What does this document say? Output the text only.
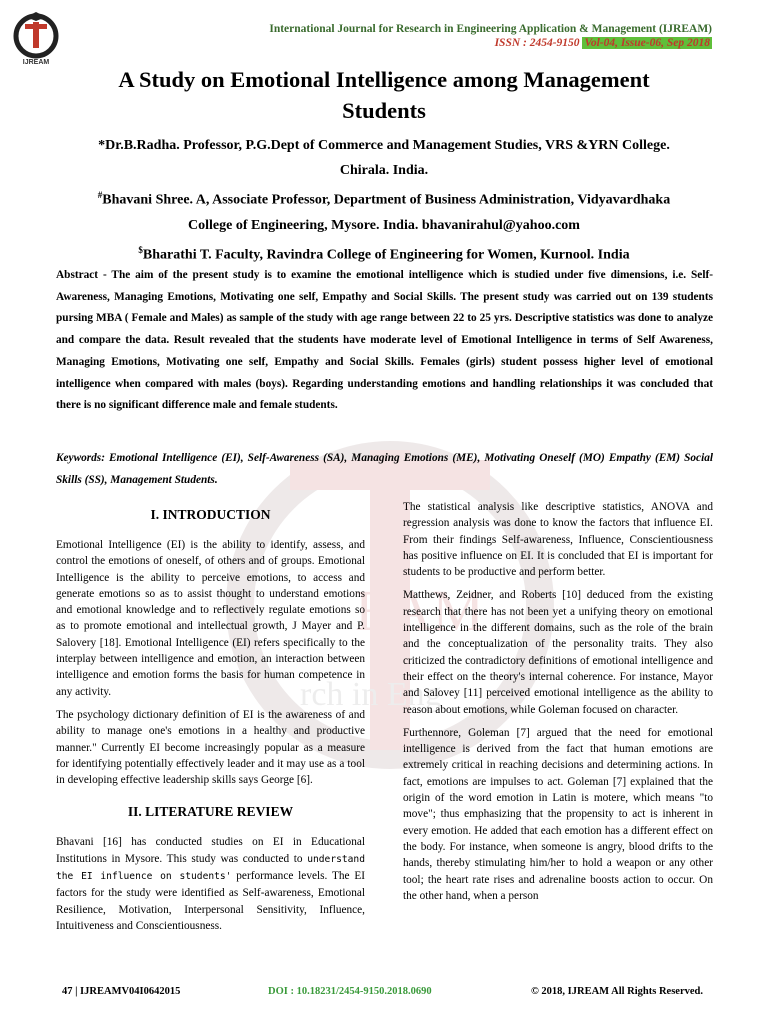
rch in Eng
EAM
IJREAM
International Journal for Research in Engineering Application & Management (IJREAM)
ISSN : 2454-9150 Vol-04, Issue-06, Sep 2018
A Study on Emotional Intelligence among Management
Students

*Dr.B.Radha. Professor, P.G.Dept of Commerce and Management Studies, VRS &YRN College.

Chirala. India.

#Bhavani Shree. A, Associate Professor, Department of Business Administration, Vidyavardhaka

College of Engineering, Mysore. India. bhavanirahul@yahoo.com

$Bharathi T. Faculty, Ravindra College of Engineering for Women, Kurnool. India

Abstract - The aim of the present study is to examine the emotional intelligence which is studied under five dimensions, i.e. Self-Awareness, Managing Emotions, Motivating one self, Empathy and Social Skills. The present study was carried out on 139 students pursing MBA ( Female and Males) as sample of the study with age range between 22 to 25 yrs. Descriptive statistics was done to analyze and compare the data. Result revealed that the students have moderate level of Emotional Intelligence in terms of Self Awareness, Managing Emotions, Motivating one self, Empathy and Social Skills. Females (girls) student possess higher level of emotional intelligence when compared with males (boys). Regarding understanding emotions and handling relationships it was concluded that there is no significant difference male and female students.

Keywords: Emotional Intelligence (EI), Self-Awareness (SA), Managing Emotions (ME), Motivating Oneself (MO) Empathy (EM) Social Skills (SS), Management Students.

I. INTRODUCTION

Emotional Intelligence (EI) is the ability to identify, assess, and control the emotions of oneself, of others and of groups. Emotional Intelligence is the ability to perceive emotions, to access and generate emotions so as to assist thought to understand emotions and emotional knowledge and to reflectively regulate emotions so as to promote emotional and intellectual growth, J Mayer and P. Salovery [18]. Emotional Intelligence (EI) refers specifically to the interplay between intelligence and emotion, an interaction between intelligence and emotion forms the basis for human competence in any activity.

The psychology dictionary definition of EI is the awareness of and ability to manage one's emotions in a healthy and productive manner." Currently EI become increasingly popular as a measure for identifying potentially effectively leader and it may use as a tool in developing effective leadership skills says George [6].

II. LITERATURE REVIEW

Bhavani [16] has conducted studies on EI in Educational Institutions in Mysore. This study was conducted to understand the EI influence on students' performance levels. The EI factors for the study were identified as Self-awareness, Emotional Resilience, Motivation, Interpersonal Sensitivity, Influence, Intuitiveness and Conscientiousness.

The statistical analysis like descriptive statistics, ANOVA and regression analysis was done to know the factors that influence EI. From their findings Self-awareness, Influence, Conscientiousness has positive influence on EI. It is concluded that EI is important for students to be productive and perform better.

Matthews, Zeidner, and Roberts [10] deduced from the existing research that there has not been yet a unifying theory on emotional intelligence in the different domains, such as the role of the brain and the conceptualization of the personality traits. They also criticized the contradictory definitions of emotional intelligence and their effect on the theory's internal coherence. For instance, Mayor and Salovey [11] perceived emotional intelligence as the ability to reason about emotions, while Goleman focused on character.

Furthennore, Goleman [7] argued that the need for emotional intelligence is derived from the fact that human emotions are extremely critical in reaching decisions and determining actions. In fact, emotions are impulses to act. Goleman [7] explained that the origin of the word emotion in Latin is motere, which means "to move"; thus emphasizing that the propensity to act is inherent in every emotion. He added that each emotion has a different effect on the body. For instance, when someone is angry, blood drifts to the hands, thereby stimulating him/her to hold a weapon or any other tool; the heart rate rises and adrenaline boosts action to occur. On the other hand, when a person

47 | IJREAMV04I0642015	DOI : 10.18231/2454-9150.2018.0690	© 2018, IJREAM All Rights Reserved.
